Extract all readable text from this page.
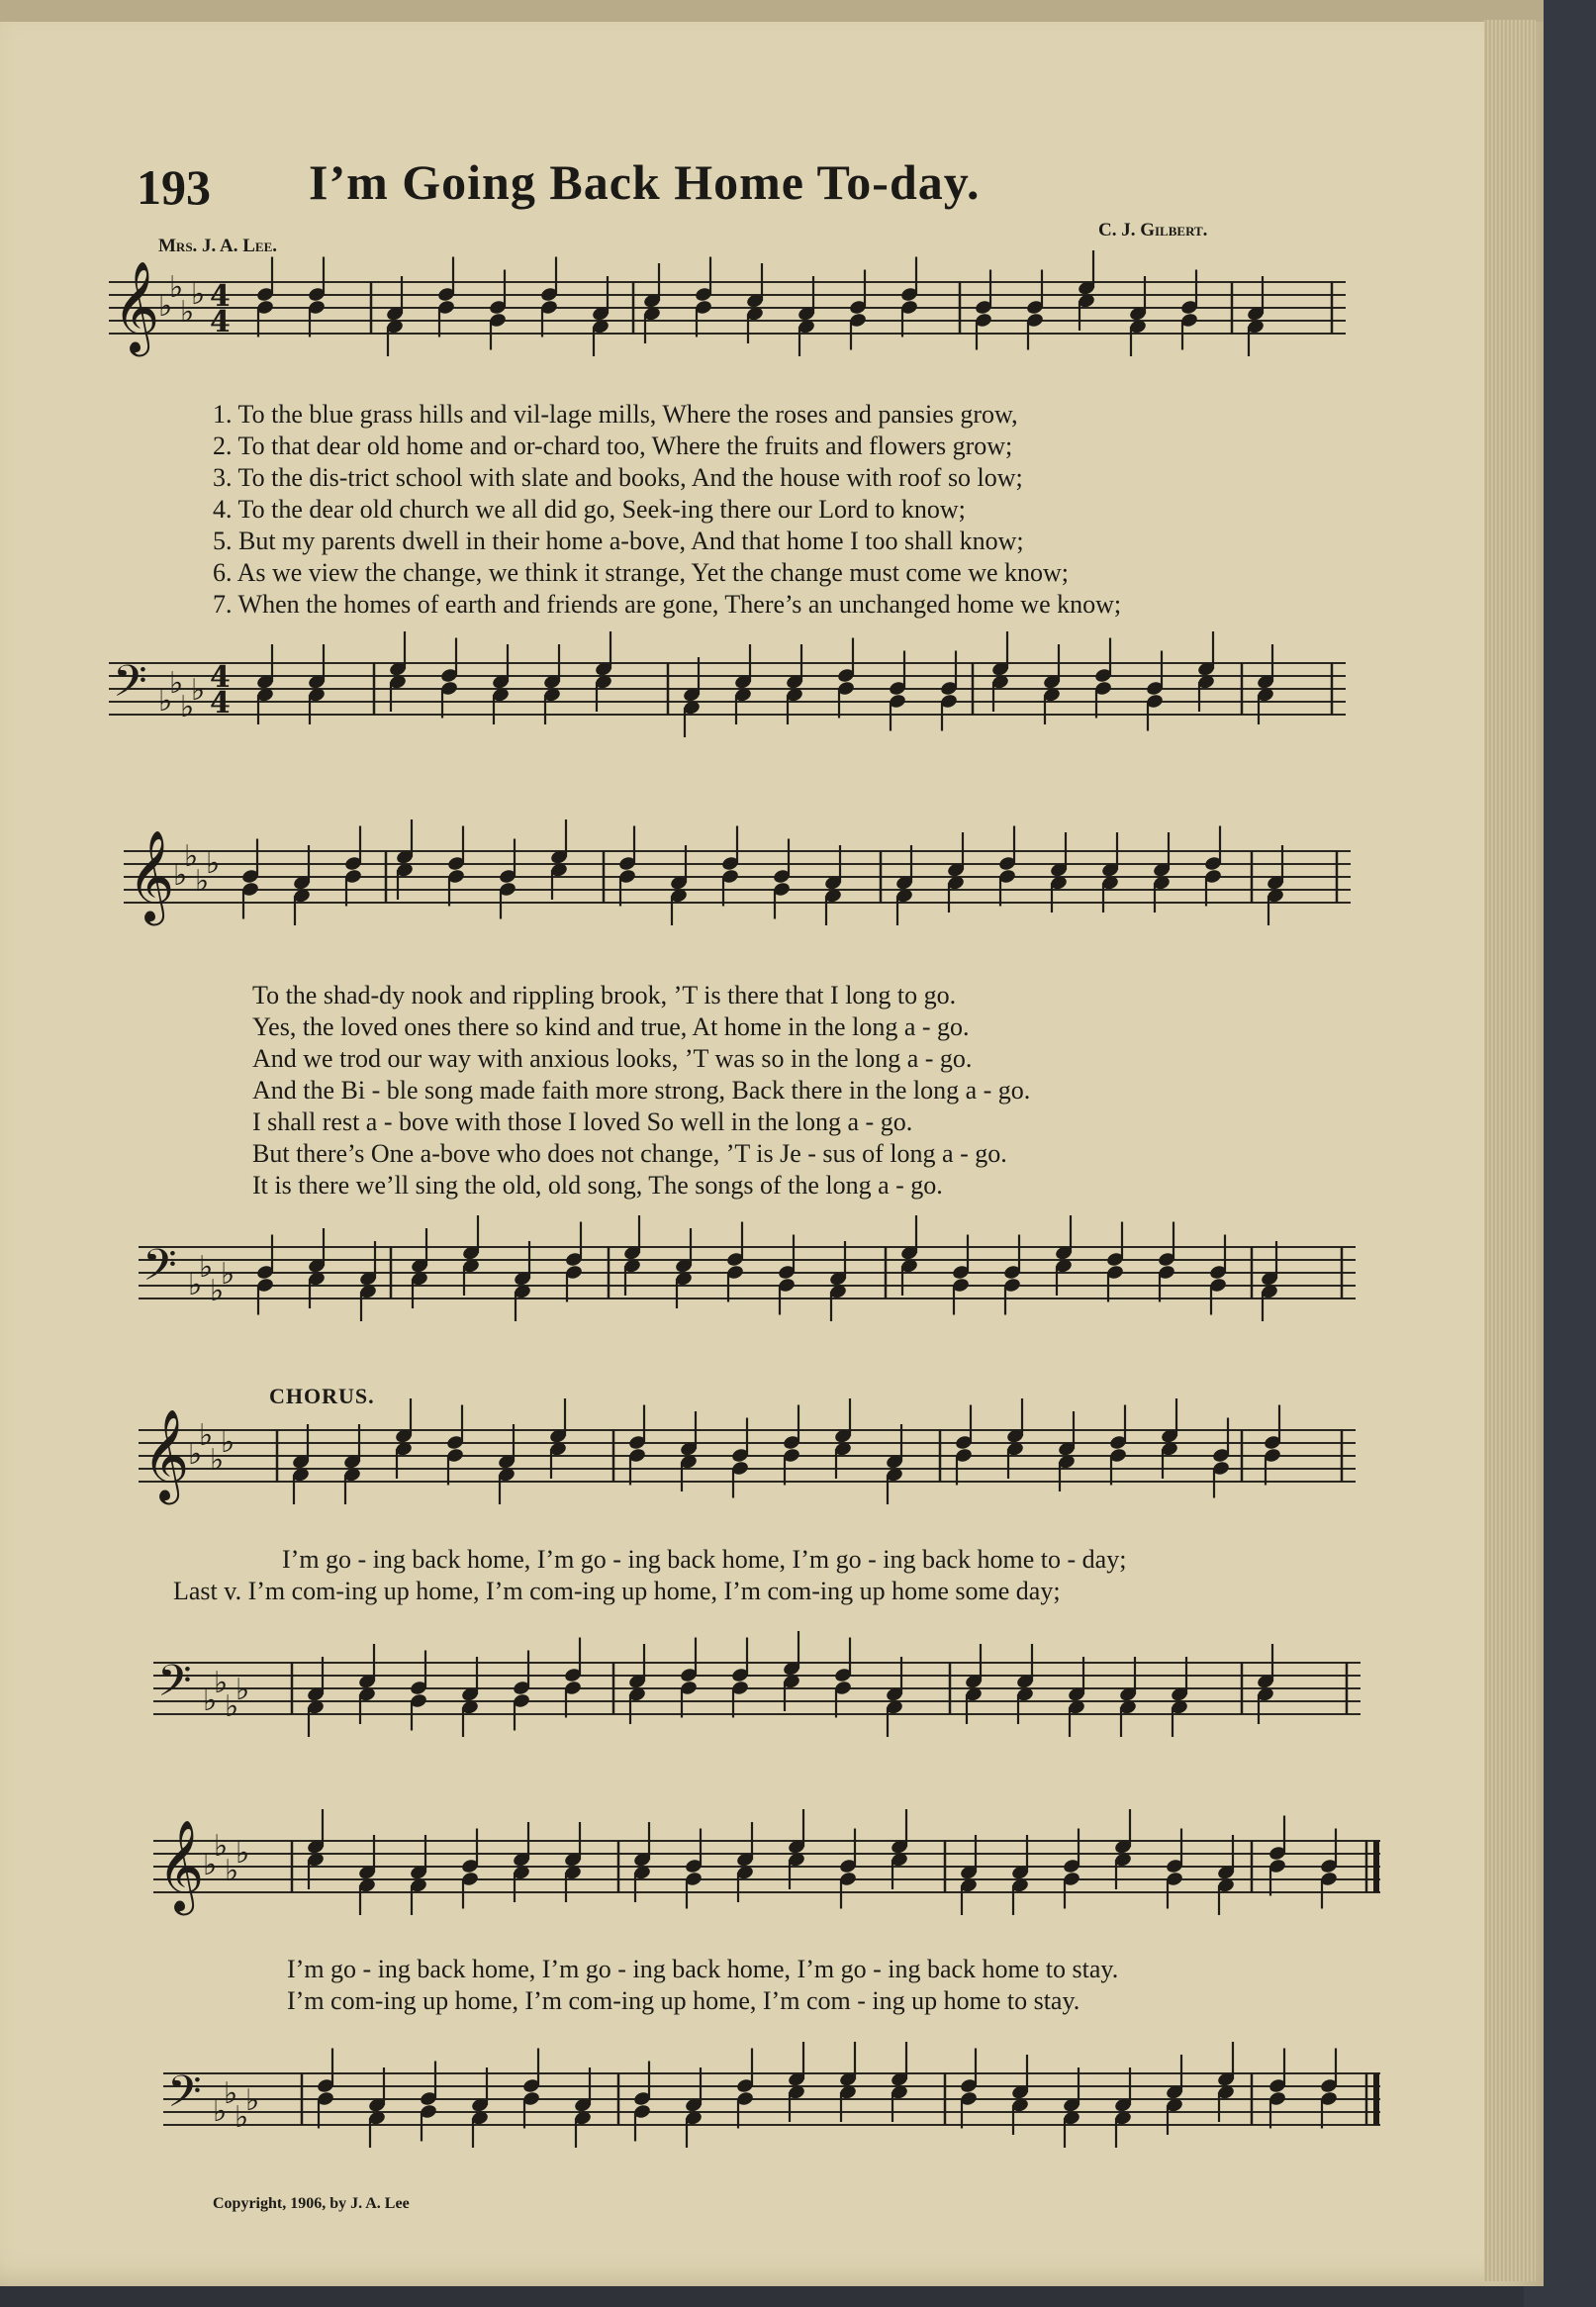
193 I’m Going Back Home To-day.
Mrs. J. A. Lee.
C. J. Gilbert.
𝄞
♭
♭
♭
♭ 4
4
1. To the blue grass hills and vil-lage mills, Where the roses and pansies grow,
2. To that dear old home and or-chard too, Where the fruits and flowers grow;
3. To the dis-trict school with slate and books, And the house with roof so low;
4. To the dear old church we all did go, Seek-ing there our Lord to know;
5. But my parents dwell in their home a-bove, And that home I too shall know;
6. As we view the change, we think it strange, Yet the change must come we know;
7. When the homes of earth and friends are gone, There’s an unchanged home we know;
𝄢 ♭
♭
♭
♭ 4
4
𝄞
♭
♭
♭
♭
To the shad-dy nook and rippling brook, ’T is there that I long to go.
Yes, the loved ones there so kind and true, At home in the long a - go.
And we trod our way with anxious looks, ’T was so in the long a - go.
And the Bi - ble song made faith more strong, Back there in the long a - go.
I shall rest a - bove with those I loved So well in the long a - go.
But there’s One a-bove who does not change, ’T is Je - sus of long a - go.
It is there we’ll sing the old, old song, The songs of the long a - go.
𝄢 ♭
♭
♭
♭
CHORUS.
𝄞
♭
♭
♭
♭
I’m go - ing back home, I’m go - ing back home, I’m go - ing back home to - day;
Last v. I’m com-ing up home, I’m com-ing up home, I’m com-ing up home some day;
𝄢 ♭
♭
♭
♭
𝄞
♭
♭
♭
♭
I’m go - ing back home, I’m go - ing back home, I’m go - ing back home to stay.
I’m com-ing up home, I’m com-ing up home, I’m com - ing up home to stay.
𝄢 ♭
♭
♭
♭
Copyright, 1906, by J. A. Lee
